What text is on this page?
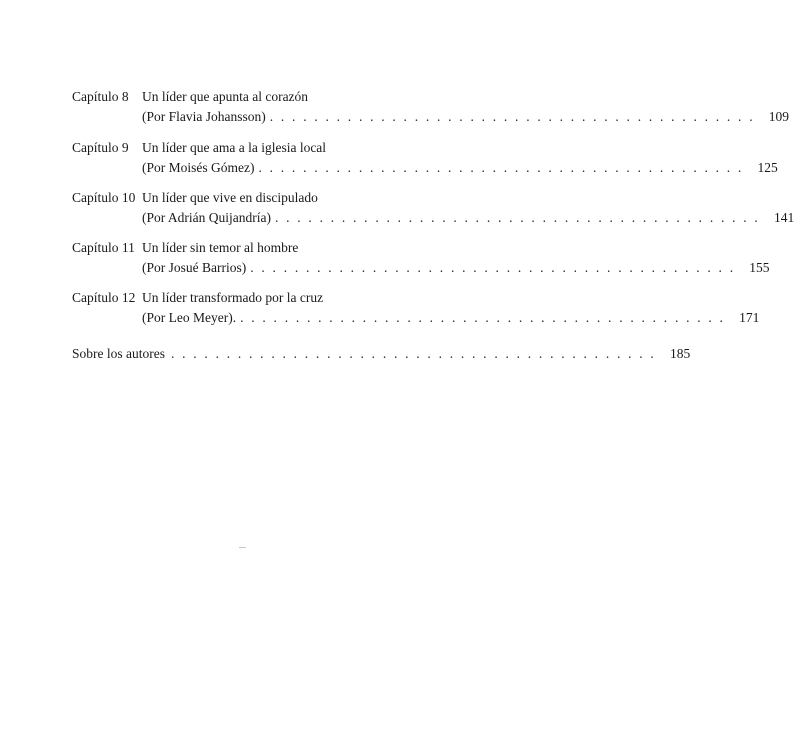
Capítulo 8 Un líder que apunta al corazón
(Por Flavia Johansson) . . . . . . . . . . . . . . . . . . . . . . . . . . . . . . . . . . . . . . . . . . . . 109
Capítulo 9 Un líder que ama a la iglesia local
(Por Moisés Gómez) . . . . . . . . . . . . . . . . . . . . . . . . . . . . . . . . . . . . . . . . . . . . 125
Capítulo 10 Un líder que vive en discipulado
(Por Adrián Quijandría) . . . . . . . . . . . . . . . . . . . . . . . . . . . . . . . . . . . . . . . . . . . . 141
Capítulo 11 Un líder sin temor al hombre
(Por Josué Barrios) . . . . . . . . . . . . . . . . . . . . . . . . . . . . . . . . . . . . . . . . . . . . 155
Capítulo 12 Un líder transformado por la cruz
(Por Leo Meyer). . . . . . . . . . . . . . . . . . . . . . . . . . . . . . . . . . . . . . . . . . . . . 171
Sobre los autores . . . . . . . . . . . . . . . . . . . . . . . . . . . . . . . . . . . . . . . . . . . . 185
